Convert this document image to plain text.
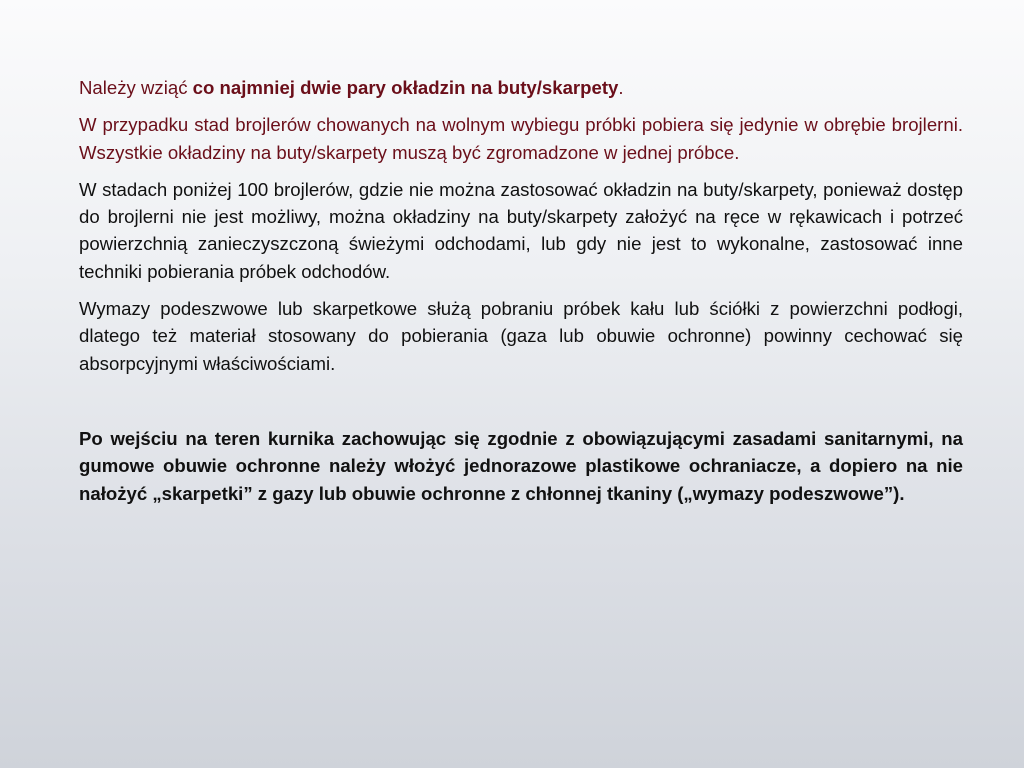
Należy wziąć co najmniej dwie pary okładzin na buty/skarpety.

W przypadku stad brojlerów chowanych na wolnym wybiegu próbki pobiera się jedynie w obrębie brojlerni. Wszystkie okładziny na buty/skarpety muszą być zgromadzone w jednej próbce.

W stadach poniżej 100 brojlerów, gdzie nie można zastosować okładzin na buty/skarpety, ponieważ dostęp do brojlerni nie jest możliwy, można okładziny na buty/skarpety założyć na ręce w rękawicach i potrzeć powierzchnią zanieczyszczoną świeżymi odchodami, lub gdy nie jest to wykonalne, zastosować inne techniki pobierania próbek odchodów.

Wymazy podeszwowe lub skarpetkowe służą pobraniu próbek kału lub ściółki z powierzchni podłogi, dlatego też materiał stosowany do pobierania (gaza lub obuwie ochronne) powinny cechować się absorpcyjnymi właściwościami.

Po wejściu na teren kurnika zachowując się zgodnie z obowiązującymi zasadami sanitarnymi, na gumowe obuwie ochronne należy włożyć jednorazowe plastikowe ochraniacze, a dopiero na nie nałożyć „skarpetki” z gazy lub obuwie ochronne z chłonnej tkaniny („wymazy podeszwowe”).
